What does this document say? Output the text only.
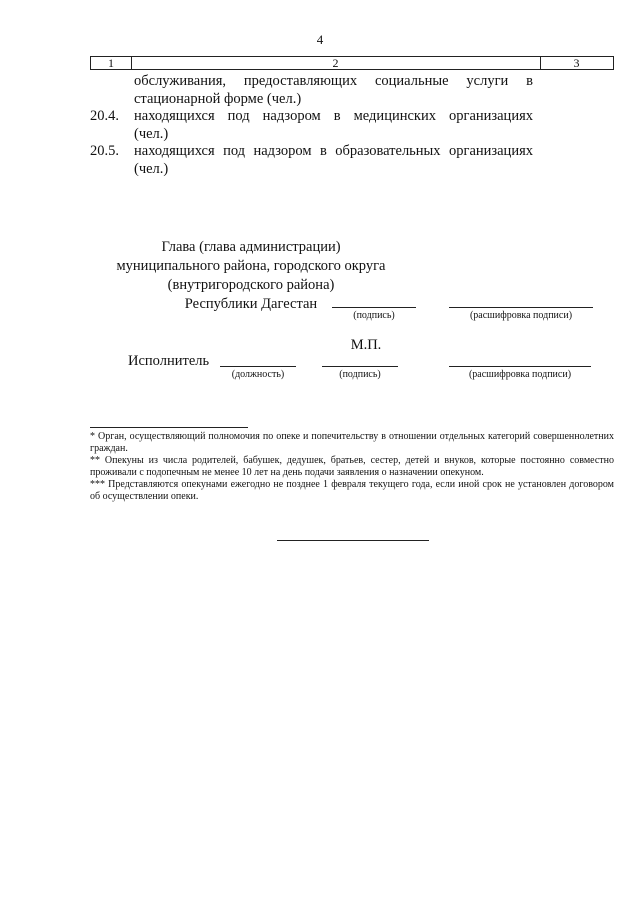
4
1	2	3
обслуживания, предоставляющих социальные услуги в
стационарной форме (чел.)
20.4.	находящихся под надзором в медицинских организациях
(чел.)
20.5.	находящихся под надзором в образовательных организациях
(чел.)
Глава (глава администрации)
муниципального района, городского округа
(внутригородского района)
Республики Дагестан
(подпись)	(расшифровка подписи)
М.П.
Исполнитель
(должность)	(подпись)	(расшифровка подписи)
* Орган, осуществляющий полномочия по опеке и попечительству в отношении отдельных категорий совершеннолетних граждан.
** Опекуны из числа родителей, бабушек, дедушек, братьев, сестер, детей и внуков, которые постоянно совместно проживали с подопечным не менее 10 лет на день подачи заявления о назначении опекуном.
*** Представляются опекунами ежегодно не позднее 1 февраля текущего года, если иной срок не установлен договором об осуществлении опеки.
